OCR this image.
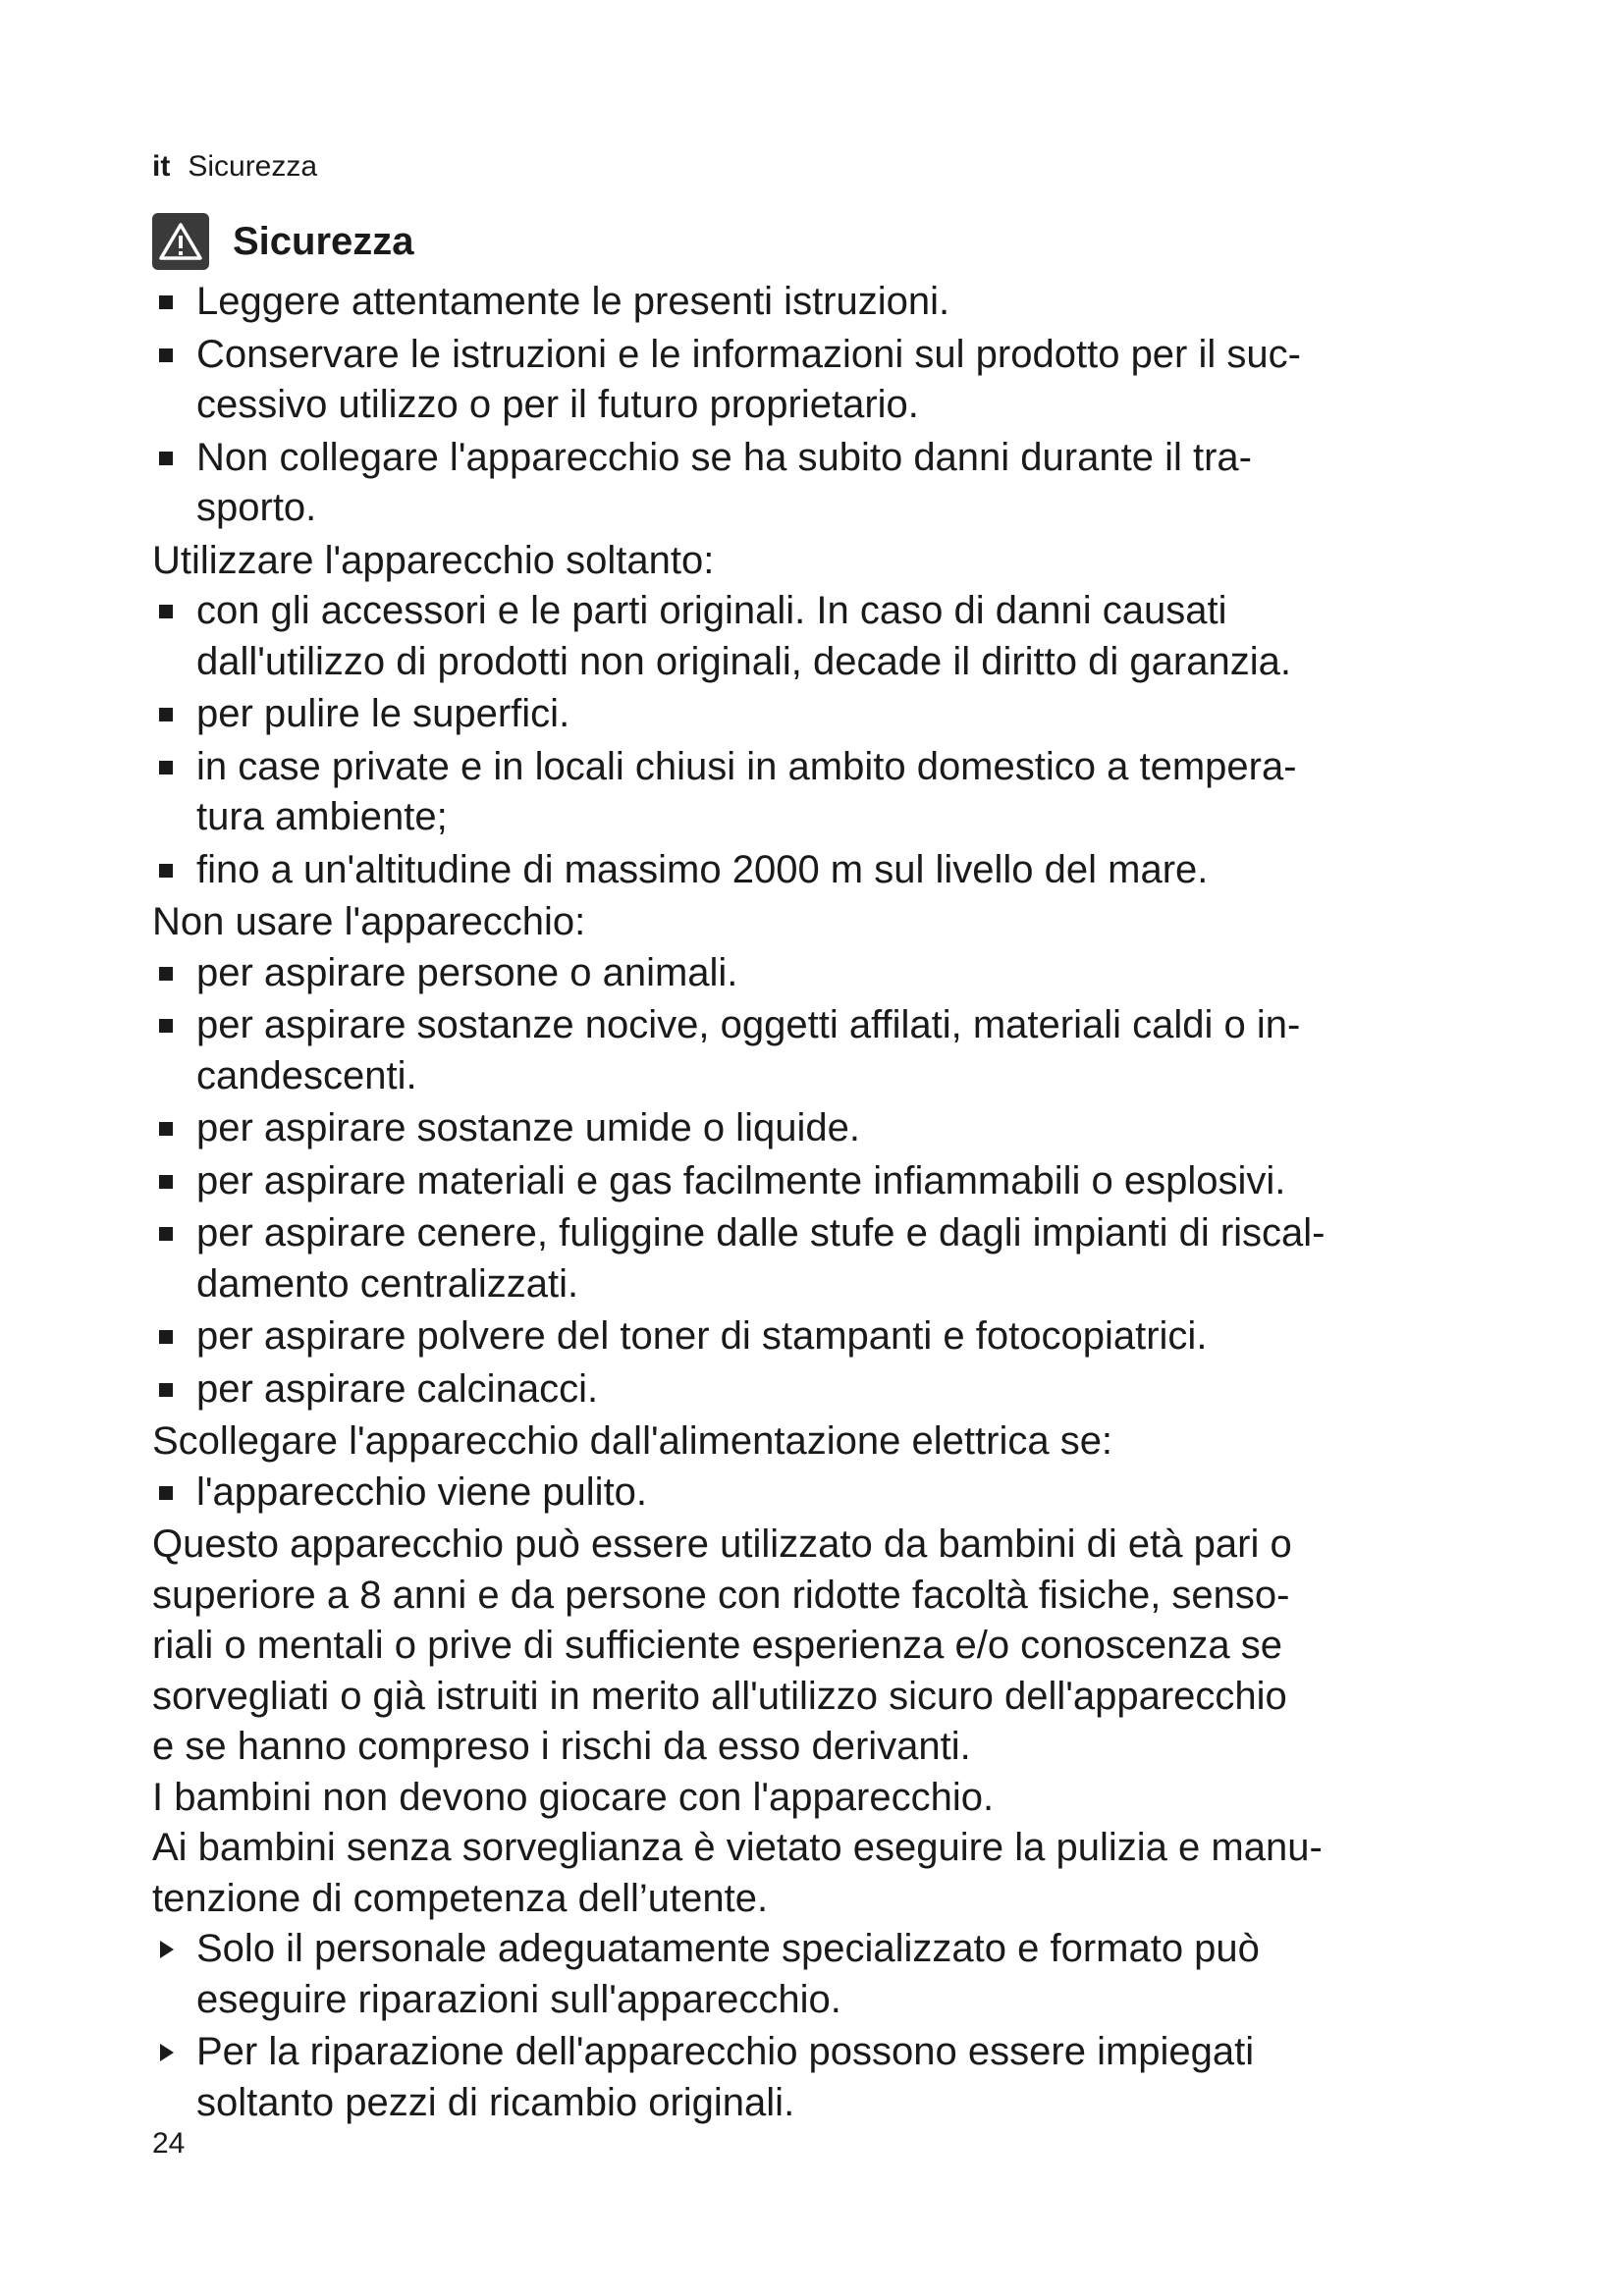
it Sicurezza
Sicurezza
Leggere attentamente le presenti istruzioni.
Conservare le istruzioni e le informazioni sul prodotto per il suc-
cessivo utilizzo o per il futuro proprietario.
Non collegare l'apparecchio se ha subito danni durante il tra-
sporto.

Utilizzare l'apparecchio soltanto:

con gli accessori e le parti originali. In caso di danni causati
dall'utilizzo di prodotti non originali, decade il diritto di garanzia.
per pulire le superfici.
in case private e in locali chiusi in ambito domestico a tempera-
tura ambiente;
fino a un'altitudine di massimo 2000 m sul livello del mare.

Non usare l'apparecchio:

per aspirare persone o animali.
per aspirare sostanze nocive, oggetti affilati, materiali caldi o in-
candescenti.
per aspirare sostanze umide o liquide.
per aspirare materiali e gas facilmente infiammabili o esplosivi.
per aspirare cenere, fuliggine dalle stufe e dagli impianti di riscal-
damento centralizzati.
per aspirare polvere del toner di stampanti e fotocopiatrici.
per aspirare calcinacci.

Scollegare l'apparecchio dall'alimentazione elettrica se:

l'apparecchio viene pulito.

Questo apparecchio può essere utilizzato da bambini di età pari o
superiore a 8 anni e da persone con ridotte facoltà fisiche, senso-
riali o mentali o prive di sufficiente esperienza e/o conoscenza se
sorvegliati o già istruiti in merito all'utilizzo sicuro dell'apparecchio
e se hanno compreso i rischi da esso derivanti.

I bambini non devono giocare con l'apparecchio.

Ai bambini senza sorveglianza è vietato eseguire la pulizia e manu-
tenzione di competenza dell’utente.

Solo il personale adeguatamente specializzato e formato può
eseguire riparazioni sull'apparecchio.
Per la riparazione dell'apparecchio possono essere impiegati
soltanto pezzi di ricambio originali.
24
